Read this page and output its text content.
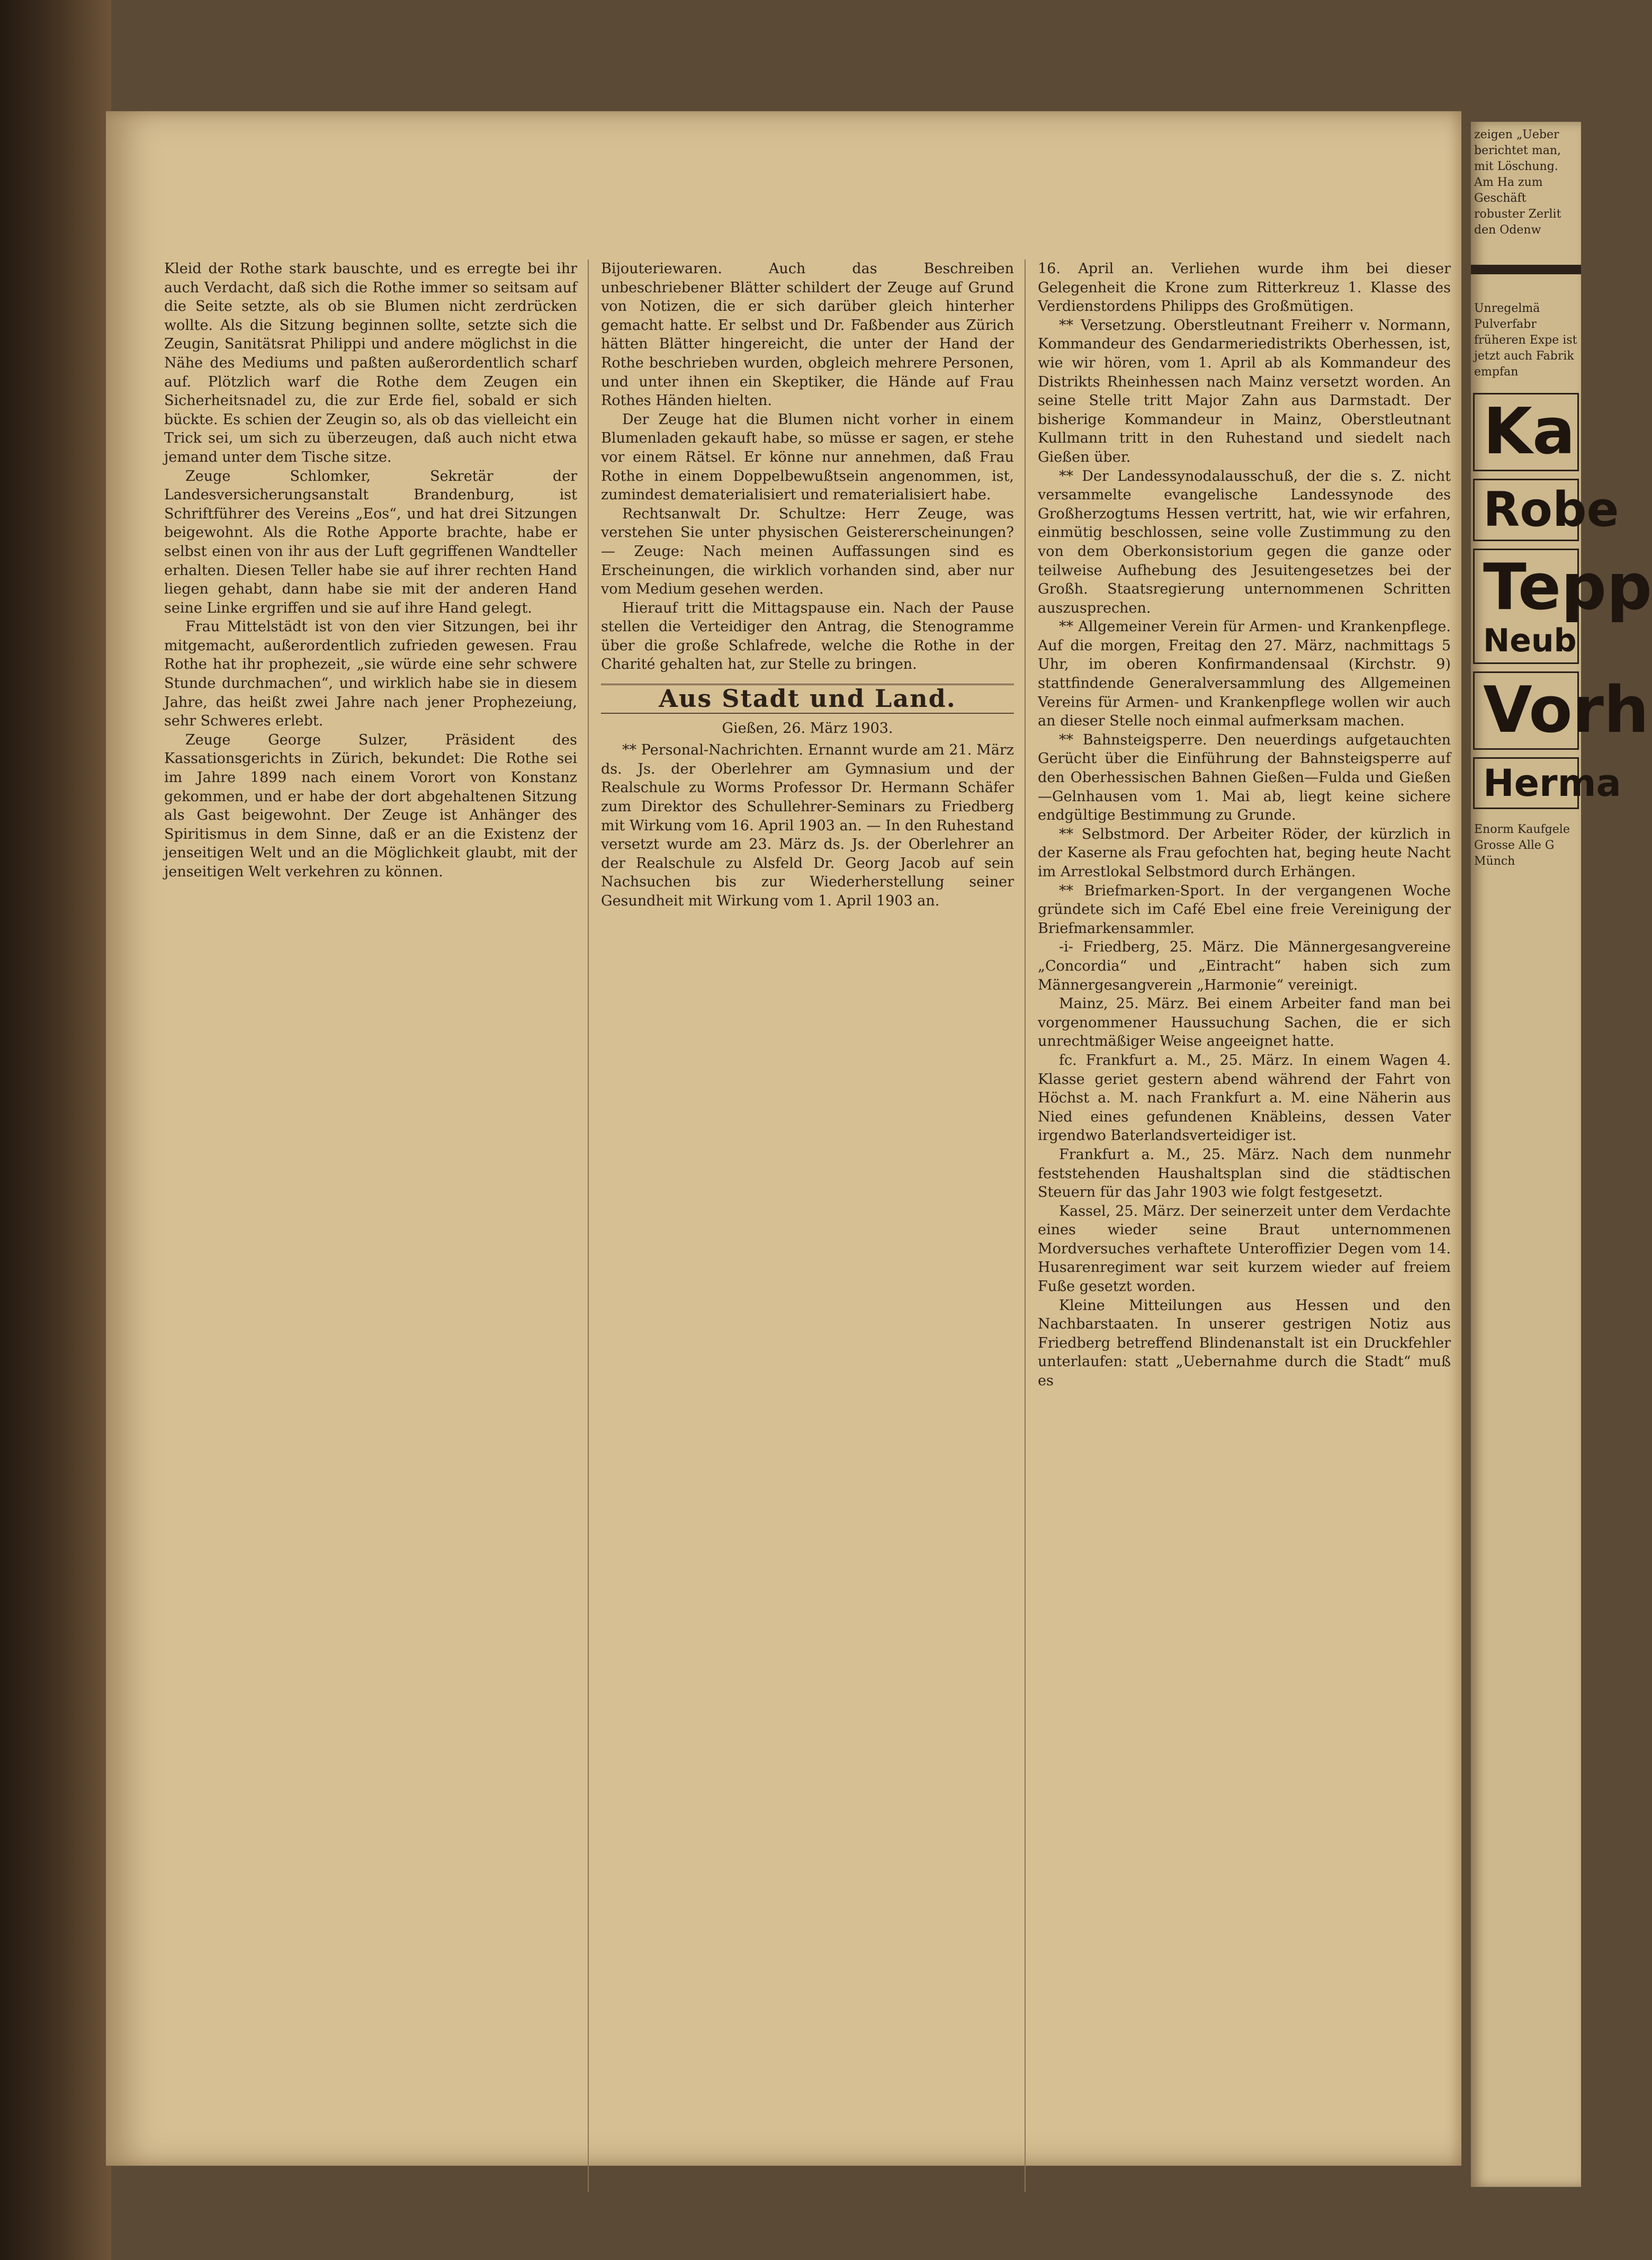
Kleid der Rothe stark bauschte, und es erregte bei ihr auch Verdacht, daß sich die Rothe immer so seitsam auf die Seite setzte, als ob sie Blumen nicht zerdrücken wollte. Als die Sitzung beginnen sollte, setzte sich die Zeugin, Sanitätsrat Philippi und andere möglichst in die Nähe des Mediums und paßten außerordentlich scharf auf. Plötzlich warf die Rothe dem Zeugen ein Sicherheitsnadel zu, die zur Erde fiel, sobald er sich bückte. Es schien der Zeugin so, als ob das vielleicht ein Trick sei, um sich zu überzeugen, daß auch nicht etwa jemand unter dem Tische sitze.

Zeuge Schlomker, Sekretär der Landesversicherungsanstalt Brandenburg, ist Schriftführer des Vereins „Eos“, und hat drei Sitzungen beigewohnt. Als die Rothe Apporte brachte, habe er selbst einen von ihr aus der Luft gegriffenen Wandteller erhalten. Diesen Teller habe sie auf ihrer rechten Hand liegen gehabt, dann habe sie mit der anderen Hand seine Linke ergriffen und sie auf ihre Hand gelegt.

Frau Mittelstädt ist von den vier Sitzungen, bei ihr mitgemacht, außerordentlich zufrieden gewesen. Frau Rothe hat ihr prophezeit, „sie würde eine sehr schwere Stunde durchmachen“, und wirklich habe sie in diesem Jahre, das heißt zwei Jahre nach jener Prophezeiung, sehr Schweres erlebt.

Zeuge George Sulzer, Präsident des Kassationsgerichts in Zürich, bekundet: Die Rothe sei im Jahre 1899 nach einem Vorort von Konstanz gekommen, und er habe der dort abgehaltenen Sitzung als Gast beigewohnt. Der Zeuge ist Anhänger des Spiritismus in dem Sinne, daß er an die Existenz der jenseitigen Welt und an die Möglichkeit glaubt, mit der jenseitigen Welt verkehren zu können.

Bijouteriewaren. Auch das Beschreiben unbeschriebener Blätter schildert der Zeuge auf Grund von Notizen, die er sich darüber gleich hinterher gemacht hatte. Er selbst und Dr. Faßbender aus Zürich hätten Blätter hingereicht, die unter der Hand der Rothe beschrieben wurden, obgleich mehrere Personen, und unter ihnen ein Skeptiker, die Hände auf Frau Rothes Händen hielten.

Der Zeuge hat die Blumen nicht vorher in einem Blumenladen gekauft habe, so müsse er sagen, er stehe vor einem Rätsel. Er könne nur annehmen, daß Frau Rothe in einem Doppelbewußtsein angenommen, ist, zumindest dematerialisiert und rematerialisiert habe.

Rechtsanwalt Dr. Schultze: Herr Zeuge, was verstehen Sie unter physischen Geistererscheinungen? — Zeuge: Nach meinen Auffassungen sind es Erscheinungen, die wirklich vorhanden sind, aber nur vom Medium gesehen werden.

Hierauf tritt die Mittagspause ein. Nach der Pause stellen die Verteidiger den Antrag, die Stenogramme über die große Schlafrede, welche die Rothe in der Charité gehalten hat, zur Stelle zu bringen.

Aus Stadt und Land.
Gießen, 26. März 1903.

** Personal-Nachrichten. Ernannt wurde am 21. März ds. Js. der Oberlehrer am Gymnasium und der Realschule zu Worms Professor Dr. Hermann Schäfer zum Direktor des Schullehrer-Seminars zu Friedberg mit Wirkung vom 16. April 1903 an. — In den Ruhestand versetzt wurde am 23. März ds. Js. der Oberlehrer an der Realschule zu Alsfeld Dr. Georg Jacob auf sein Nachsuchen bis zur Wiederherstellung seiner Gesundheit mit Wirkung vom 1. April 1903 an.

16. April an. Verliehen wurde ihm bei dieser Gelegenheit die Krone zum Ritterkreuz 1. Klasse des Verdienstordens Philipps des Großmütigen.

** Versetzung. Oberstleutnant Freiherr v. Normann, Kommandeur des Gendarmeriedistrikts Oberhessen, ist, wie wir hören, vom 1. April ab als Kommandeur des Distrikts Rheinhessen nach Mainz versetzt worden. An seine Stelle tritt Major Zahn aus Darmstadt. Der bisherige Kommandeur in Mainz, Oberstleutnant Kullmann tritt in den Ruhestand und siedelt nach Gießen über.

** Der Landessynodalausschuß, der die s. Z. nicht versammelte evangelische Landessynode des Großherzogtums Hessen vertritt, hat, wie wir erfahren, einmütig beschlossen, seine volle Zustimmung zu den von dem Oberkonsistorium gegen die ganze oder teilweise Aufhebung des Jesuitengesetzes bei der Großh. Staatsregierung unternommenen Schritten auszusprechen.

** Allgemeiner Verein für Armen- und Krankenpflege. Auf die morgen, Freitag den 27. März, nachmittags 5 Uhr, im oberen Konfirmandensaal (Kirchstr. 9) stattfindende Generalversammlung des Allgemeinen Vereins für Armen- und Krankenpflege wollen wir auch an dieser Stelle noch einmal aufmerksam machen.

** Bahnsteigsperre. Den neuerdings aufgetauchten Gerücht über die Einführung der Bahnsteigsperre auf den Oberhessischen Bahnen Gießen—Fulda und Gießen—Gelnhausen vom 1. Mai ab, liegt keine sichere endgültige Bestimmung zu Grunde.

** Selbstmord. Der Arbeiter Röder, der kürzlich in der Kaserne als Frau gefochten hat, beging heute Nacht im Arrestlokal Selbstmord durch Erhängen.

** Briefmarken-Sport. In der vergangenen Woche gründete sich im Café Ebel eine freie Vereinigung der Briefmarkensammler.

-i- Friedberg, 25. März. Die Männergesangvereine „Concordia“ und „Eintracht“ haben sich zum Männergesangverein „Harmonie“ vereinigt.

Mainz, 25. März. Bei einem Arbeiter fand man bei vorgenommener Haussuchung Sachen, die er sich unrechtmäßiger Weise angeeignet hatte.

fc. Frankfurt a. M., 25. März. In einem Wagen 4. Klasse geriet gestern abend während der Fahrt von Höchst a. M. nach Frankfurt a. M. eine Näherin aus Nied eines gefundenen Knäbleins, dessen Vater irgendwo Baterlandsverteidiger ist.

Frankfurt a. M., 25. März. Nach dem nunmehr feststehenden Haushaltsplan sind die städtischen Steuern für das Jahr 1903 wie folgt festgesetzt.

Kassel, 25. März. Der seinerzeit unter dem Verdachte eines wieder seine Braut unternommenen Mordversuches verhaftete Unteroffizier Degen vom 14. Husarenregiment war seit kurzem wieder auf freiem Fuße gesetzt worden.

Kleine Mitteilungen aus Hessen und den Nachbarstaaten. In unserer gestrigen Notiz aus Friedberg betreffend Blindenanstalt ist ein Druckfehler unterlaufen: statt „Uebernahme durch die Stadt“ muß es

zeigen „Ueber berichtet man, mit Löschung. Am Ha zum Geschäft robuster Zerlit den Odenw
Unregelmä Pulverfabr früheren Expe ist jetzt auch Fabrik empfan
Ka
Robe
Tepp
Neub
Vorh
Herma
Enorm Kaufgele Grosse Alle G Münch
